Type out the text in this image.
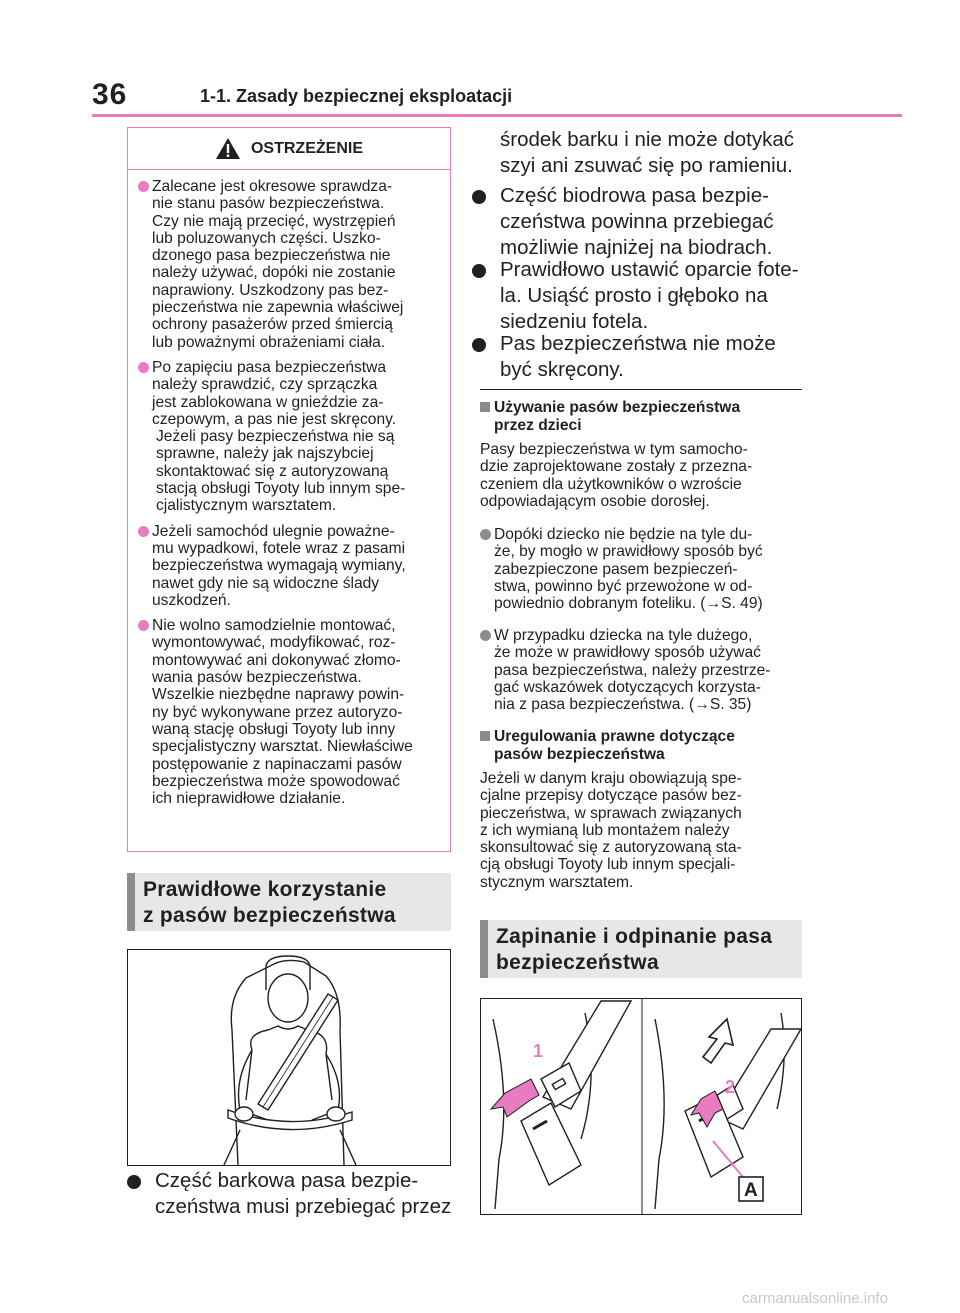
36	1-1. Zasady bezpiecznej eksploatacji
OSTRZEŻENIE
Zalecane jest okresowe sprawdza-
nie stanu pasów bezpieczeństwa.
Czy nie mają przecięć, wystrzępień
lub poluzowanych części. Uszko-
dzonego pasa bezpieczeństwa nie
należy używać, dopóki nie zostanie
naprawiony. Uszkodzony pas bez-
pieczeństwa nie zapewnia właściwej
ochrony pasażerów przed śmiercią
lub poważnymi obrażeniami ciała.
Po zapięciu pasa bezpieczeństwa
należy sprawdzić, czy sprzączka
jest zablokowana w gnieździe za-
czepowym, a pas nie jest skręcony.
Jeżeli pasy bezpieczeństwa nie są
sprawne, należy jak najszybciej
skontaktować się z autoryzowaną
stacją obsługi Toyoty lub innym spe-
cjalistycznym warsztatem.
Jeżeli samochód ulegnie poważne-
mu wypadkowi, fotele wraz z pasami
bezpieczeństwa wymagają wymiany,
nawet gdy nie są widoczne ślady
uszkodzeń.
Nie wolno samodzielnie montować,
wymontowywać, modyfikować, roz-
montowywać ani dokonywać złomo-
wania pasów bezpieczeństwa.
Wszelkie niezbędne naprawy powin-
ny być wykonywane przez autoryzo-
waną stację obsługi Toyoty lub inny
specjalistyczny warsztat. Niewłaściwe
postępowanie z napinaczami pasów
bezpieczeństwa może spowodować
ich nieprawidłowe działanie.
Prawidłowe korzystanie
z pasów bezpieczeństwa
Część barkowa pasa bezpie-
czeństwa musi przebiegać przez
środek barku i nie może dotykać
szyi ani zsuwać się po ramieniu.
Część biodrowa pasa bezpie-
czeństwa powinna przebiegać
możliwie najniżej na biodrach.
Prawidłowo ustawić oparcie fote-
la. Usiąść prosto i głęboko na
siedzeniu fotela.
Pas bezpieczeństwa nie może
być skręcony.
Używanie pasów bezpieczeństwa
przez dzieci
Pasy bezpieczeństwa w tym samocho-
dzie zaprojektowane zostały z przezna-
czeniem dla użytkowników o wzroście
odpowiadającym osobie dorosłej.
Dopóki dziecko nie będzie na tyle du-
że, by mogło w prawidłowy sposób być
zabezpieczone pasem bezpieczeń-
stwa, powinno być przewożone w od-
powiednio dobranym foteliku. (→S. 49)
W przypadku dziecka na tyle dużego,
że może w prawidłowy sposób używać
pasa bezpieczeństwa, należy przestrze-
gać wskazówek dotyczących korzysta-
nia z pasa bezpieczeństwa. (→S. 35)
Uregulowania prawne dotyczące
pasów bezpieczeństwa
Jeżeli w danym kraju obowiązują spe-
cjalne przepisy dotyczące pasów bez-
pieczeństwa, w sprawach związanych
z ich wymianą lub montażem należy
skonsultować się z autoryzowaną sta-
cją obsługi Toyoty lub innym specjali-
stycznym warsztatem.
Zapinanie i odpinanie pasa
bezpieczeństwa
1
2
A
carmanualsonline.info
